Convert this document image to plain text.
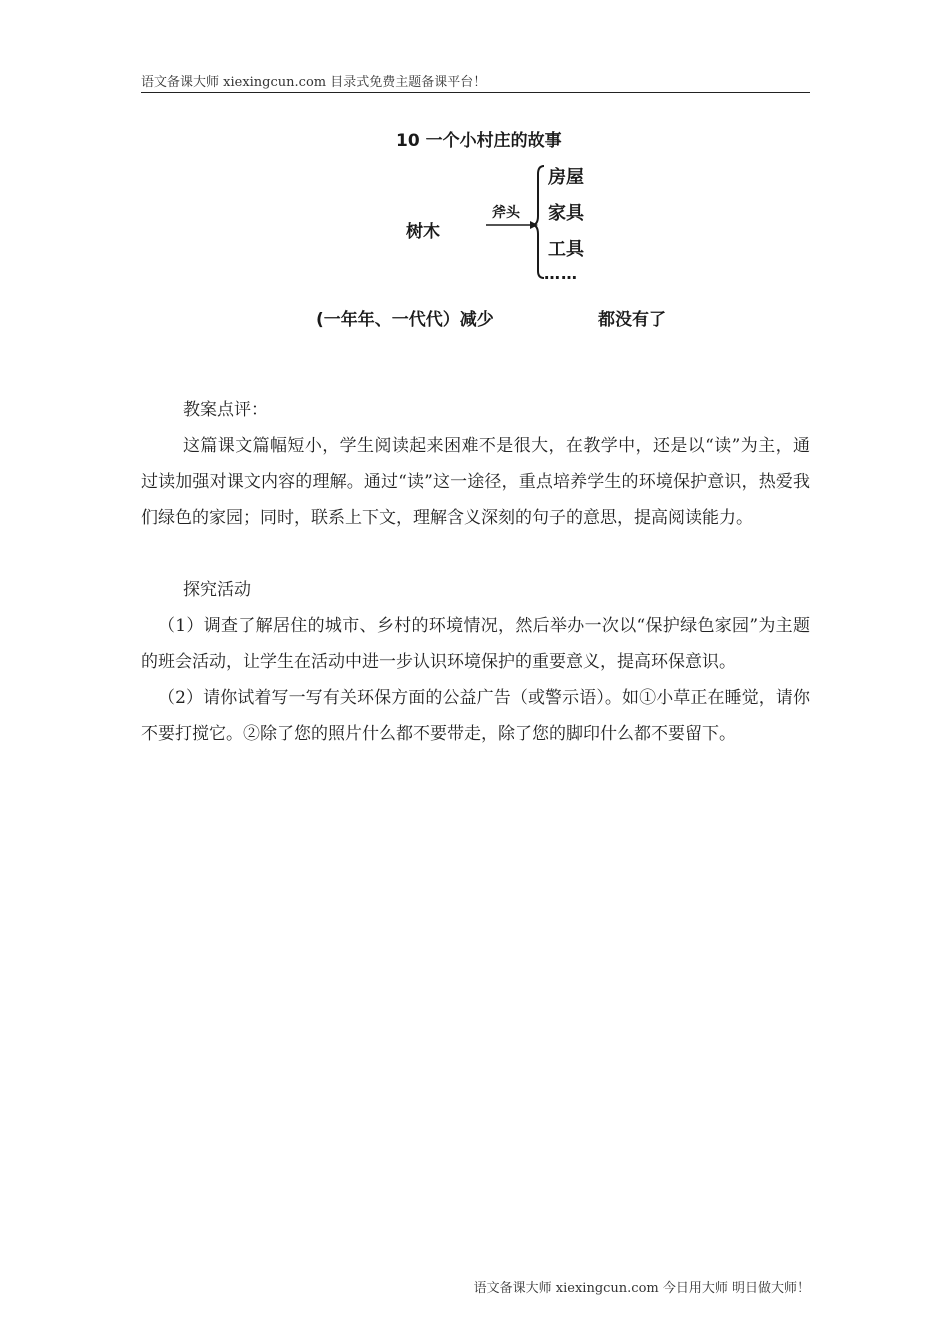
语文备课大师 xiexingcun.com 目录式免费主题备课平台！
10 一个小村庄的故事
树木
斧头
房屋
家具
工具
……
(一年年、一代代）减少	都没有了

教案点评：

这篇课文篇幅短小，学生阅读起来困难不是很大，在教学中，还是以“读”为主，通过读加强对课文内容的理解。通过“读”这一途径，重点培养学生的环境保护意识，热爱我们绿色的家园；同时，联系上下文，理解含义深刻的句子的意思，提高阅读能力。

探究活动

（1）调查了解居住的城市、乡村的环境情况，然后举办一次以“保护绿色家园”为主题的班会活动，让学生在活动中进一步认识环境保护的重要意义，提高环保意识。

（2）请你试着写一写有关环保方面的公益广告（或警示语）。如①小草正在睡觉，请你不要打搅它。②除了您的照片什么都不要带走，除了您的脚印什么都不要留下。

语文备课大师 xiexingcun.com 今日用大师 明日做大师！
